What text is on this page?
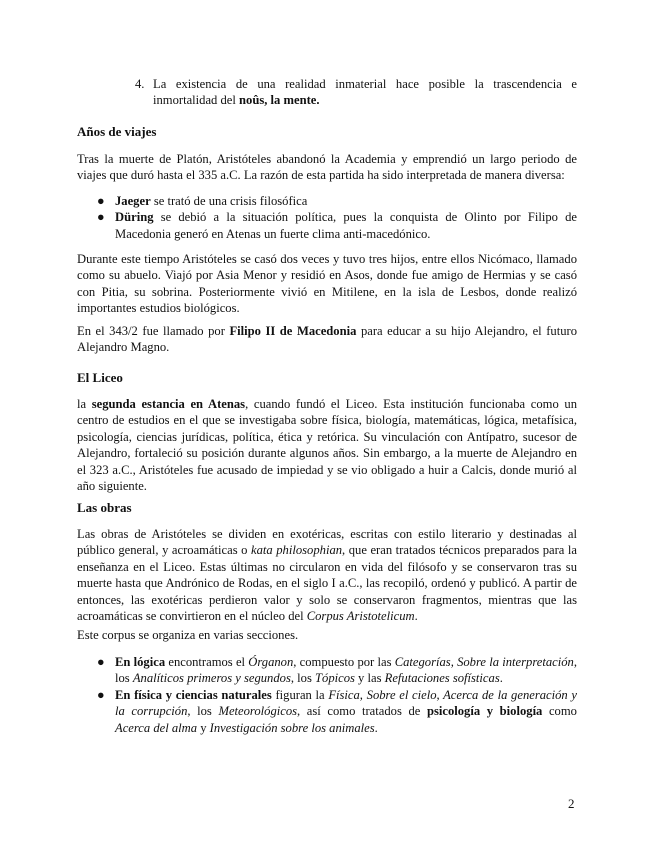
4. La existencia de una realidad inmaterial hace posible la trascendencia e inmortalidad del noûs, la mente.
Años de viajes

Tras la muerte de Platón, Aristóteles abandonó la Academia y emprendió un largo periodo de viajes que duró hasta el 335 a.C. La razón de esta partida ha sido interpretada de manera diversa:

● Jaeger se trató de una crisis filosófica
● Düring se debió a la situación política, pues la conquista de Olinto por Filipo de Macedonia generó en Atenas un fuerte clima anti-macedónico.

Durante este tiempo Aristóteles se casó dos veces y tuvo tres hijos, entre ellos Nicómaco, llamado como su abuelo. Viajó por Asia Menor y residió en Asos, donde fue amigo de Hermias y se casó con Pitia, su sobrina. Posteriormente vivió en Mitilene, en la isla de Lesbos, donde realizó importantes estudios biológicos.

En el 343/2 fue llamado por Filipo II de Macedonia para educar a su hijo Alejandro, el futuro Alejandro Magno.

El Liceo

la segunda estancia en Atenas, cuando fundó el Liceo. Esta institución funcionaba como un centro de estudios en el que se investigaba sobre física, biología, matemáticas, lógica, metafísica, psicología, ciencias jurídicas, política, ética y retórica. Su vinculación con Antípatro, sucesor de Alejandro, fortaleció su posición durante algunos años. Sin embargo, a la muerte de Alejandro en el 323 a.C., Aristóteles fue acusado de impiedad y se vio obligado a huir a Calcis, donde murió al año siguiente.

Las obras

Las obras de Aristóteles se dividen en exotéricas, escritas con estilo literario y destinadas al público general, y acroamáticas o kata philosophian, que eran tratados técnicos preparados para la enseñanza en el Liceo. Estas últimas no circularon en vida del filósofo y se conservaron tras su muerte hasta que Andrónico de Rodas, en el siglo I a.C., las recopiló, ordenó y publicó. A partir de entonces, las exotéricas perdieron valor y solo se conservaron fragmentos, mientras que las acroamáticas se convirtieron en el núcleo del Corpus Aristotelicum.

Este corpus se organiza en varias secciones.

● En lógica encontramos el Órganon, compuesto por las Categorías, Sobre la interpretación, los Analíticos primeros y segundos, los Tópicos y las Refutaciones sofísticas.
● En física y ciencias naturales figuran la Física, Sobre el cielo, Acerca de la generación y la corrupción, los Meteorológicos, así como tratados de psicología y biología como Acerca del alma y Investigación sobre los animales.
2
